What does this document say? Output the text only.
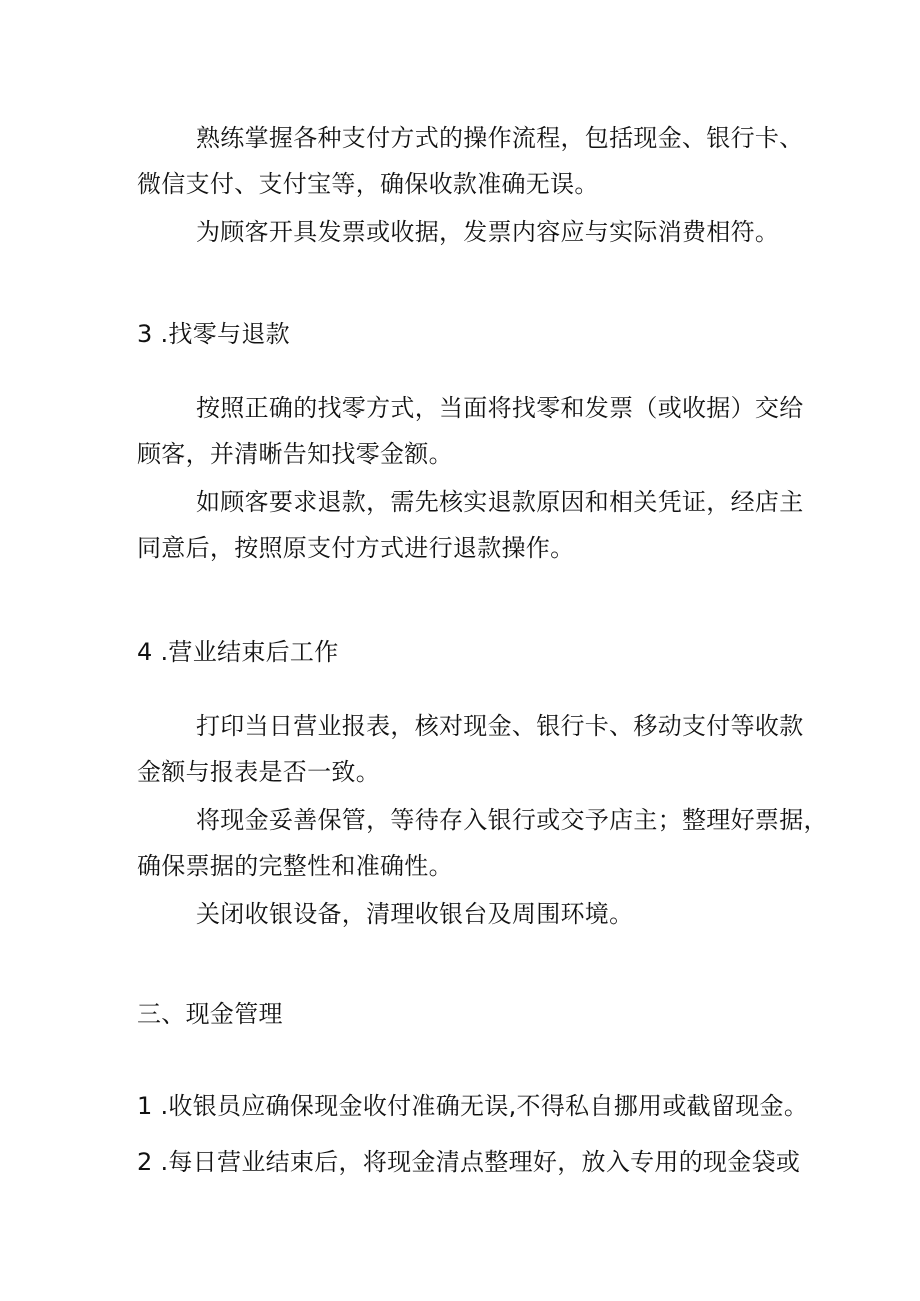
熟练掌握各种支付方式的操作流程，包括现金、银行卡、
微信支付、支付宝等，确保收款准确无误。
为顾客开具发票或收据，发票内容应与实际消费相符。
3 .找零与退款
按照正确的找零方式，当面将找零和发票（或收据）交给
顾客，并清晰告知找零金额。
如顾客要求退款，需先核实退款原因和相关凭证，经店主
同意后，按照原支付方式进行退款操作。
4 .营业结束后工作
打印当日营业报表，核对现金、银行卡、移动支付等收款
金额与报表是否一致。
将现金妥善保管，等待存入银行或交予店主；整理好票据，
确保票据的完整性和准确性。
关闭收银设备，清理收银台及周围环境。
三、现金管理
1 .收银员应确保现金收付准确无误,不得私自挪用或截留现金。
2 .每日营业结束后，将现金清点整理好，放入专用的现金袋或
